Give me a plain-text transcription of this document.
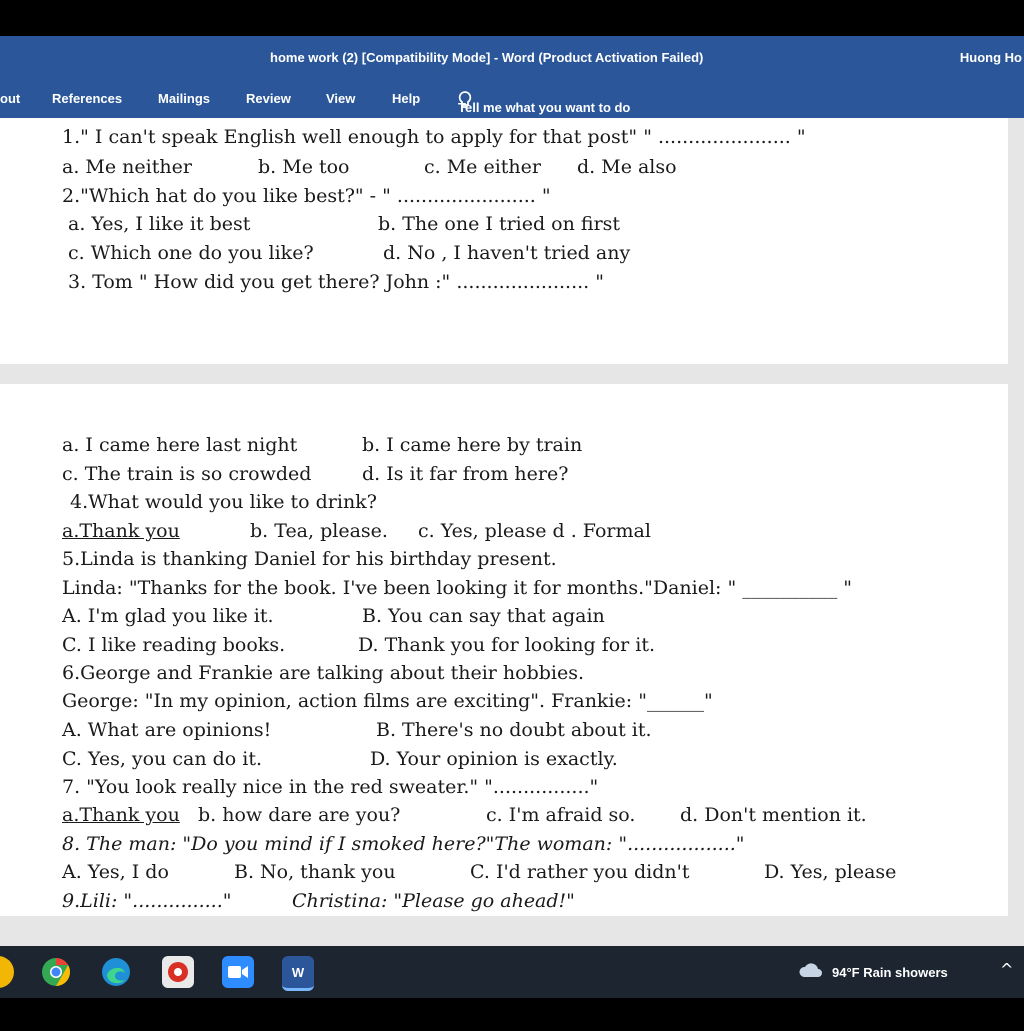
home work (2) [Compatibility Mode] - Word (Product Activation Failed)	Huong Ho
out References	Mailings	Review	View	Help
Tell me what you want to do
1." I can't speak English well enough to apply for that post" " ...................... "
a. Me neither	b. Me too	c. Me either d. Me also
2."Which hat do you like best?" - " ....................... "
a. Yes, I like it best	b. The one I tried on first
c. Which one do you like?	d. No , I haven't tried any
3. Tom " How did you get there? John :" ...................... "
a. I came here last night	b. I came here by train
c. The train is so crowded	d. Is it far from here?
4.What would you like to drink?
a.Thank you	b. Tea, please. c. Yes, please d . Formal
5.Linda is thanking Daniel for his birthday present.
Linda: "Thanks for the book. I've been looking it for months."Daniel: " __________ "
A. I'm glad you like it.	B. You can say that again
C. I like reading books.	D. Thank you for looking for it.
6.George and Frankie are talking about their hobbies.
George: "In my opinion, action films are exciting". Frankie: "______"
A. What are opinions!	B. There's no doubt about it.
C. Yes, you can do it.	D. Your opinion is exactly.
7. "You look really nice in the red sweater." "................"
a.Thank you b. how dare are you?	c. I'm afraid so. d. Don't mention it.
8. The man: "Do you mind if I smoked here?"The woman: ".................."
A. Yes, I do	B. No, thank you	C. I'd rather you didn't	D. Yes, please
9.Lili: "..............."	Christina: "Please go ahead!"
W	94°F Rain showers	^
